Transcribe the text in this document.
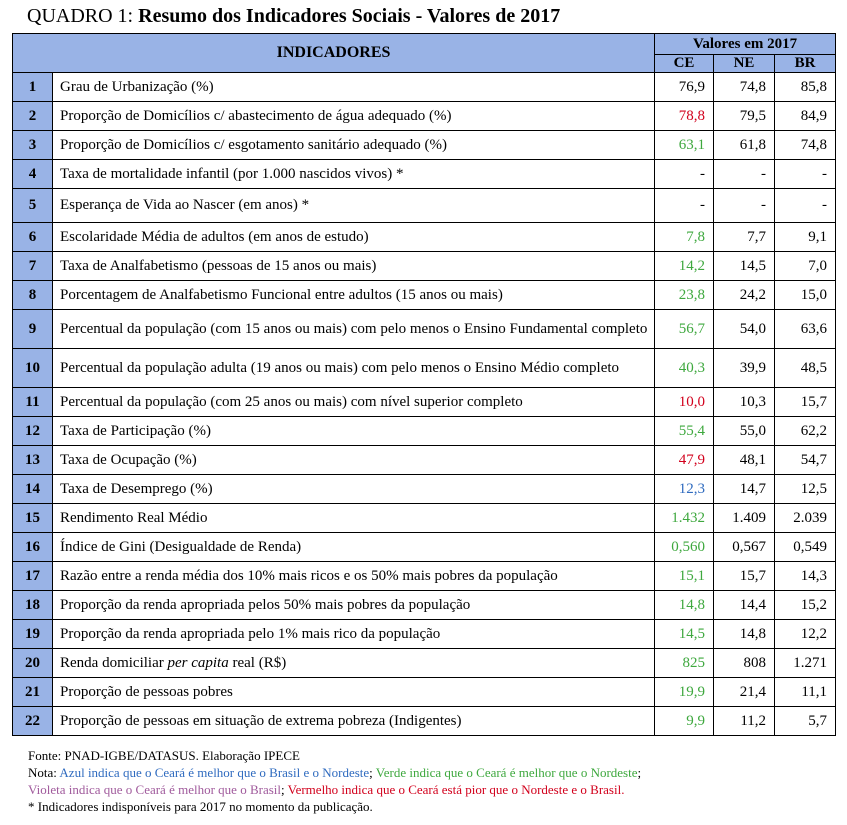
QUADRO 1: Resumo dos Indicadores Sociais - Valores de 2017
INDICADORES		Valores em 2017		
		CE	NE	BR
1	Grau de Urbanização (%)	76,9	74,8	85,8
2	Proporção de Domicílios c/ abastecimento de água adequado (%)	78,8	79,5	84,9
3	Proporção de Domicílios c/ esgotamento sanitário adequado (%)	63,1	61,8	74,8
4	Taxa de mortalidade infantil (por 1.000 nascidos vivos) *	-	-	-
5	Esperança de Vida ao Nascer (em anos) *	-	-	-
6	Escolaridade Média de adultos (em anos de estudo)	7,8	7,7	9,1
7	Taxa de Analfabetismo (pessoas de 15 anos ou mais)	14,2	14,5	7,0
8	Porcentagem de Analfabetismo Funcional entre adultos (15 anos ou mais)	23,8	24,2	15,0
9	Percentual da população (com 15 anos ou mais) com pelo menos o Ensino Fundamental completo	56,7	54,0	63,6
10	Percentual da população adulta (19 anos ou mais) com pelo menos o Ensino Médio completo	40,3	39,9	48,5
11	Percentual da população (com 25 anos ou mais) com nível superior completo	10,0	10,3	15,7
12	Taxa de Participação (%)	55,4	55,0	62,2
13	Taxa de Ocupação (%)	47,9	48,1	54,7
14	Taxa de Desemprego (%)	12,3	14,7	12,5
15	Rendimento Real Médio	1.432	1.409	2.039
16	Índice de Gini (Desigualdade de Renda)	0,560	0,567	0,549
17	Razão entre a renda média dos 10% mais ricos e os 50% mais pobres da população	15,1	15,7	14,3
18	Proporção da renda apropriada pelos 50% mais pobres da população	14,8	14,4	15,2
19	Proporção da renda apropriada pelo 1% mais rico da população	14,5	14,8	12,2
20	Renda domiciliar per capita real (R$)	825	808	1.271
21	Proporção de pessoas pobres	19,9	21,4	11,1
22	Proporção de pessoas em situação de extrema pobreza (Indigentes)	9,9	11,2	5,7
Fonte: PNAD-IGBE/DATASUS. Elaboração IPECE
Nota: Azul indica que o Ceará é melhor que o Brasil e o Nordeste; Verde indica que o Ceará é melhor que o Nordeste;
Violeta indica que o Ceará é melhor que o Brasil; Vermelho indica que o Ceará está pior que o Nordeste e o Brasil.
* Indicadores indisponíveis para 2017 no momento da publicação.
